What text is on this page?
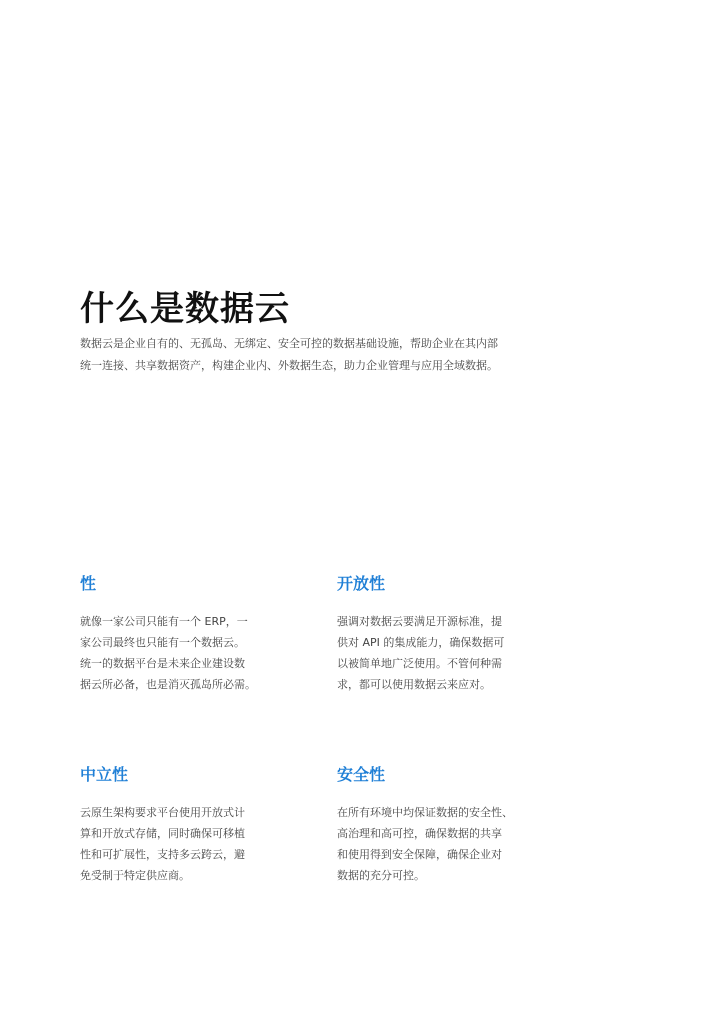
什么是数据云

数据云是企业自有的、无孤岛、无绑定、安全可控的数据基础设施，帮助企业在其内部

统一连接、共享数据资产，构建企业内、外数据生态，助力企业管理与应用全域数据。

性

就像一家公司只能有一个 ERP，一
家公司最终也只能有一个数据云。
统一的数据平台是未来企业建设数
据云所必备，也是消灭孤岛所必需。

开放性

强调对数据云要满足开源标准，提
供对 API 的集成能力，确保数据可
以被简单地广泛使用。不管何种需
求，都可以使用数据云来应对。

中立性

云原生架构要求平台使用开放式计
算和开放式存储，同时确保可移植
性和可扩展性，支持多云跨云，避
免受制于特定供应商。

安全性

在所有环境中均保证数据的安全性、
高治理和高可控，确保数据的共享
和使用得到安全保障，确保企业对
数据的充分可控。
